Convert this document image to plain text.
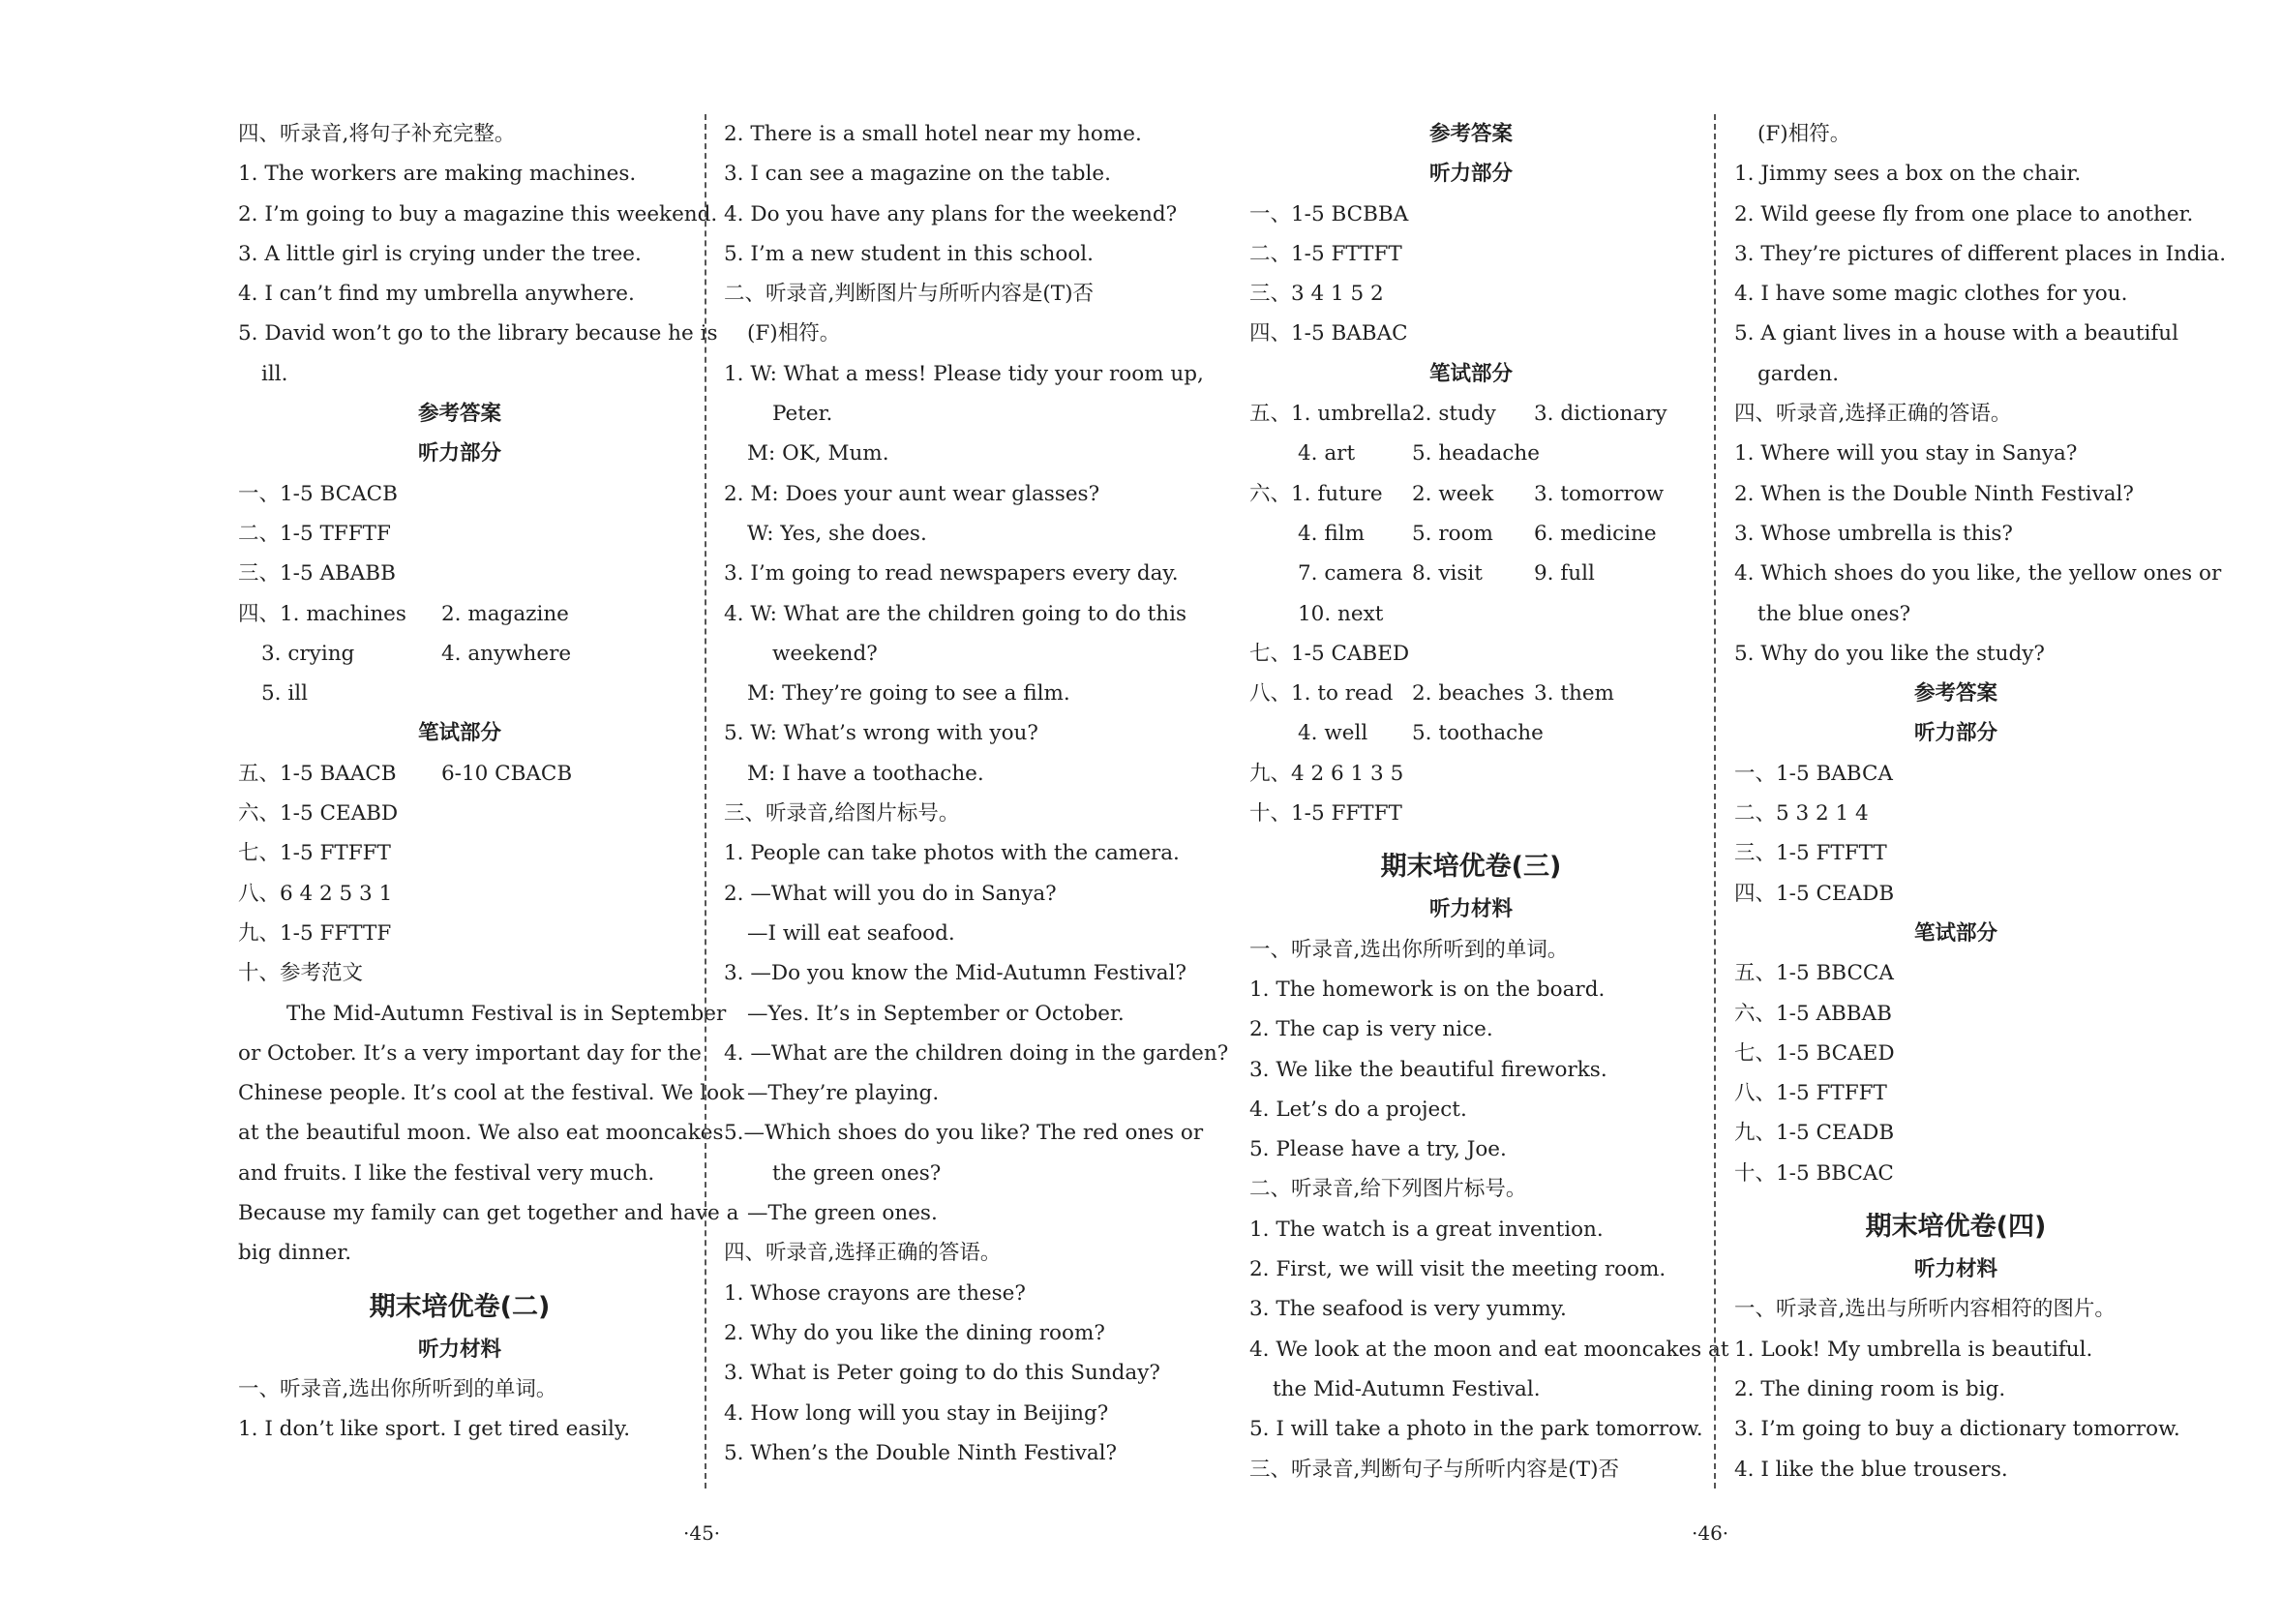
四、听录音,将句子补充完整。
1. The workers are making machines.
2. I’m going to buy a magazine this weekend.
3. A little girl is crying under the tree.
4. I can’t find my umbrella anywhere.
5. David won’t go to the library because he is
ill.
参考答案
听力部分
一、1-5 BCACB
二、1-5 TFFTF
三、1-5 ABABB
四、1. machines 2. magazine
3. crying	4. anywhere
5. ill
笔试部分
五、1-5 BAACB 6-10 CBACB
六、1-5 CEABD
七、1-5 FTFFT
八、6 4 2 5 3 1
九、1-5 FFTTF
十、参考范文
The Mid-Autumn Festival is in September
or October. It’s a very important day for the
Chinese people. It’s cool at the festival. We look
at the beautiful moon. We also eat mooncakes
and fruits. I like the festival very much.
Because my family can get together and have a
big dinner.
期末培优卷(二)
听力材料
一、听录音,选出你所听到的单词。
1. I don’t like sport. I get tired easily.
2. There is a small hotel near my home.
3. I can see a magazine on the table.
4. Do you have any plans for the weekend?
5. I’m a new student in this school.
二、听录音,判断图片与所听内容是(T)否
(F)相符。
1. W: What a mess! Please tidy your room up,
Peter.
M: OK, Mum.
2. M: Does your aunt wear glasses?
W: Yes, she does.
3. I’m going to read newspapers every day.
4. W: What are the children going to do this
weekend?
M: They’re going to see a film.
5. W: What’s wrong with you?
M: I have a toothache.
三、听录音,给图片标号。
1. People can take photos with the camera.
2. —What will you do in Sanya?
—I will eat seafood.
3. —Do you know the Mid-Autumn Festival?
—Yes. It’s in September or October.
4. —What are the children doing in the garden?
—They’re playing.
5.—Which shoes do you like? The red ones or
the green ones?
—The green ones.
四、听录音,选择正确的答语。
1. Whose crayons are these?
2. Why do you like the dining room?
3. What is Peter going to do this Sunday?
4. How long will you stay in Beijing?
5. When’s the Double Ninth Festival?
参考答案
听力部分
一、1-5 BCBBA
二、1-5 FTTFT
三、3 4 1 5 2
四、1-5 BABAC
笔试部分
五、1. umbrella 2. study 3. dictionary
4. art	5. headache
六、1. future 2. week 3. tomorrow
4. film 5. room 6. medicine
7. camera 8. visit 9. full
10. next
七、1-5 CABED
八、1. to read 2. beaches 3. them
4. well 5. toothache
九、4 2 6 1 3 5
十、1-5 FFTFT
期末培优卷(三)
听力材料
一、听录音,选出你所听到的单词。
1. The homework is on the board.
2. The cap is very nice.
3. We like the beautiful fireworks.
4. Let’s do a project.
5. Please have a try, Joe.
二、听录音,给下列图片标号。
1. The watch is a great invention.
2. First, we will visit the meeting room.
3. The seafood is very yummy.
4. We look at the moon and eat mooncakes at
the Mid-Autumn Festival.
5. I will take a photo in the park tomorrow.
三、听录音,判断句子与所听内容是(T)否
(F)相符。
1. Jimmy sees a box on the chair.
2. Wild geese fly from one place to another.
3. They’re pictures of different places in India.
4. I have some magic clothes for you.
5. A giant lives in a house with a beautiful
garden.
四、听录音,选择正确的答语。
1. Where will you stay in Sanya?
2. When is the Double Ninth Festival?
3. Whose umbrella is this?
4. Which shoes do you like, the yellow ones or
the blue ones?
5. Why do you like the study?
参考答案
听力部分
一、1-5 BABCA
二、5 3 2 1 4
三、1-5 FTFTT
四、1-5 CEADB
笔试部分
五、1-5 BBCCA
六、1-5 ABBAB
七、1-5 BCAED
八、1-5 FTFFT
九、1-5 CEADB
十、1-5 BBCAC
期末培优卷(四)
听力材料
一、听录音,选出与所听内容相符的图片。
1. Look! My umbrella is beautiful.
2. The dining room is big.
3. I’m going to buy a dictionary tomorrow.
4. I like the blue trousers.
·45·	·46·
